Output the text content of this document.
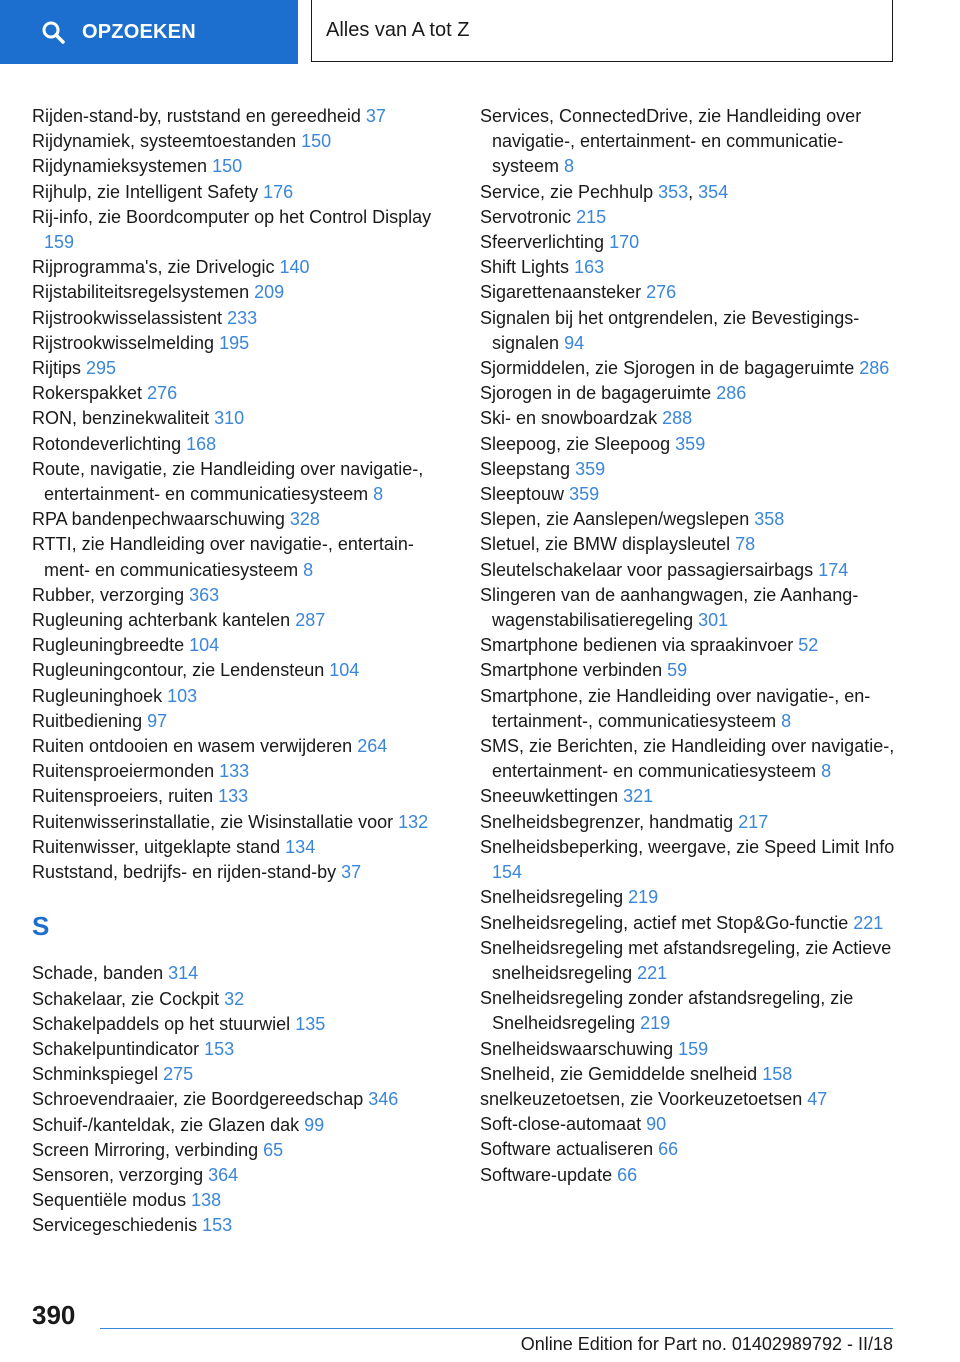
OPZOEKEN	Alles van A tot Z
Rijden-stand-by, ruststand en gereedheid 37
Rijdynamiek, systeemtoestanden 150
Rijdynamieksystemen 150
Rijhulp, zie Intelligent Safety 176
Rij-info, zie Boordcomputer op het Control Display 159
Rijprogramma's, zie Drivelogic 140
Rijstabiliteitsregelsystemen 209
Rijstrookwisselassistent 233
Rijstrookwisselmelding 195
Rijtips 295
Rokerspakket 276
RON, benzinekwaliteit 310
Rotondeverlichting 168
Route, navigatie, zie Handleiding over navigatie-, entertainment- en communicatiesysteem 8
RPA bandenpechwaarschuwing 328
RTTI, zie Handleiding over navigatie-, entertainment- en communicatiesysteem 8
Rubber, verzorging 363
Rugleuning achterbank kantelen 287
Rugleuningbreedte 104
Rugleuningcontour, zie Lendensteun 104
Rugleuninghoek 103
Ruitbediening 97
Ruiten ontdooien en wasem verwijderen 264
Ruitensproeiermonden 133
Ruitensproeiers, ruiten 133
Ruitenwisserinstallatie, zie Wisinstallatie voor 132
Ruitenwisser, uitgeklapte stand 134
Ruststand, bedrijfs- en rijden-stand-by 37
S
Schade, banden 314
Schakelaar, zie Cockpit 32
Schakelpaddels op het stuurwiel 135
Schakelpuntindicator 153
Schminkspiegel 275
Schroevendraaier, zie Boordgereedschap 346
Schuif-/kanteldak, zie Glazen dak 99
Screen Mirroring, verbinding 65
Sensoren, verzorging 364
Sequentiële modus 138
Servicegeschiedenis 153
Services, ConnectedDrive, zie Handleiding over navigatie-, entertainment- en communicatiesysteem 8
Service, zie Pechhulp 353, 354
Servotronic 215
Sfeerverlichting 170
Shift Lights 163
Sigarettenaansteker 276
Signalen bij het ontgrendelen, zie Bevestigingssignalen 94
Sjormiddelen, zie Sjorogen in de bagageruimte 286
Sjorogen in de bagageruimte 286
Ski- en snowboardzak 288
Sleepoog, zie Sleepoog 359
Sleepstang 359
Sleeptouw 359
Slepen, zie Aanslepen/wegslepen 358
Sletuel, zie BMW displaysleutel 78
Sleutelschakelaar voor passagiersairbags 174
Slingeren van de aanhangwagen, zie Aanhangwagenstabilisatieregeling 301
Smartphone bedienen via spraakinvoer 52
Smartphone verbinden 59
Smartphone, zie Handleiding over navigatie-, entertainment-, communicatiesysteem 8
SMS, zie Berichten, zie Handleiding over navigatie-, entertainment- en communicatiesysteem 8
Sneeuwkettingen 321
Snelheidsbegrenzer, handmatig 217
Snelheidsbeperking, weergave, zie Speed Limit Info 154
Snelheidsregeling 219
Snelheidsregeling, actief met Stop&Go-functie 221
Snelheidsregeling met afstandsregeling, zie Actieve snelheidsregeling 221
Snelheidsregeling zonder afstandsregeling, zie Snelheidsregeling 219
Snelheidswaarschuwing 159
Snelheid, zie Gemiddelde snelheid 158
snelkeuzetoetsen, zie Voorkeuzetoetsen 47
Soft-close-automaat 90
Software actualiseren 66
Software-update 66
390
Online Edition for Part no. 01402989792 - II/18
